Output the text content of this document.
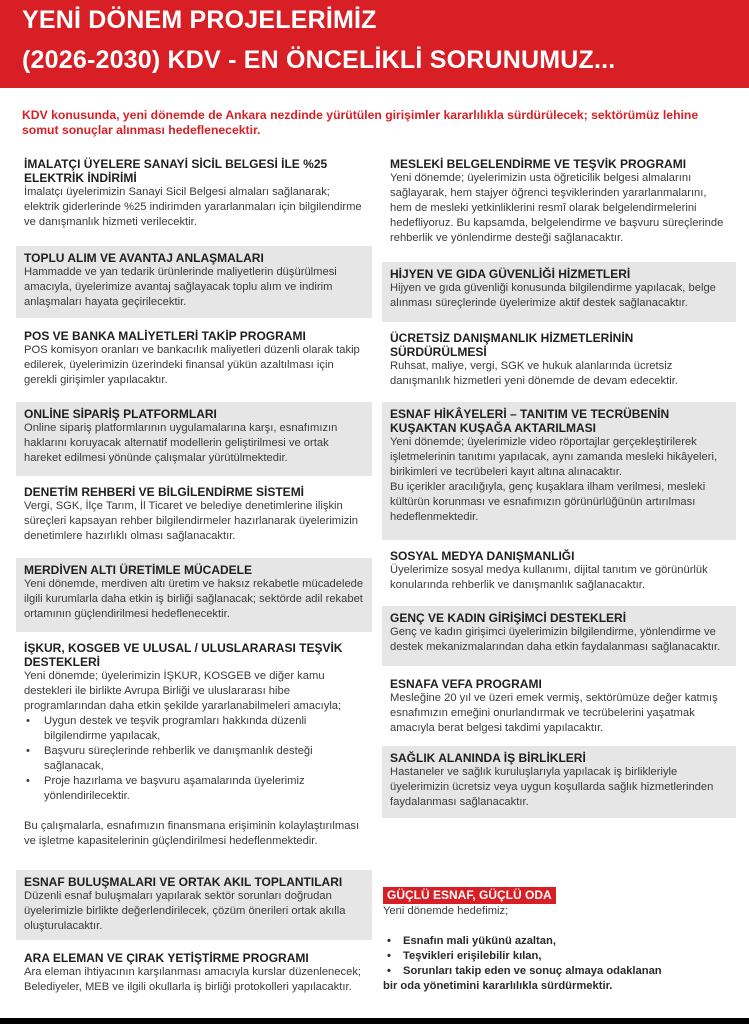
YENİ DÖNEM PROJELERİMİZ
(2026-2030) KDV - EN ÖNCELİKLİ SORUNUMUZ...
KDV konusunda, yeni dönemde de Ankara nezdinde yürütülen girişimler kararlılıkla sürdürülecek; sektörümüz lehine somut sonuçlar alınması hedeflenecektir.
İMALATÇI ÜYELERE SANAYİ SİCİL BELGESİ İLE %25 ELEKTRİK İNDİRİMİ

İmalatçı üyelerimizin Sanayi Sicil Belgesi almaları sağlanarak; elektrik giderlerinde %25 indirimden yararlanmaları için bilgilendirme ve danışmanlık hizmeti verilecektir.

TOPLU ALIM VE AVANTAJ ANLAŞMALARI

Hammadde ve yan tedarik ürünlerinde maliyetlerin düşürülmesi amacıyla, üyelerimize avantaj sağlayacak toplu alım ve indirim anlaşmaları hayata geçirilecektir.

POS VE BANKA MALİYETLERİ TAKİP PROGRAMI

POS komisyon oranları ve bankacılık maliyetleri düzenli olarak takip edilerek, üyelerimizin üzerindeki finansal yükün azaltılması için gerekli girişimler yapılacaktır.

ONLİNE SİPARİŞ PLATFORMLARI

Online sipariş platformlarının uygulamalarına karşı, esnafımızın haklarını koruyacak alternatif modellerin geliştirilmesi ve ortak hareket edilmesi yönünde çalışmalar yürütülmektedir.

DENETİM REHBERİ VE BİLGİLENDİRME SİSTEMİ

Vergi, SGK, İlçe Tarım, İl Ticaret ve belediye denetimlerine ilişkin süreçleri kapsayan rehber bilgilendirmeler hazırlanarak üyelerimizin denetimlere hazırlıklı olması sağlanacaktır.

MERDİVEN ALTI ÜRETİMLE MÜCADELE

Yeni dönemde, merdiven altı üretim ve haksız rekabetle mücadelede ilgili kurumlarla daha etkin iş birliği sağlanacak; sektörde adil rekabet ortamının güçlendirilmesi hedeflenecektir.

İŞKUR, KOSGEB VE ULUSAL / ULUSLARARASI TEŞVİK DESTEKLERİ

Yeni dönemde; üyelerimizin İŞKUR, KOSGEB ve diğer kamu destekleri ile birlikte Avrupa Birliği ve uluslararası hibe programlarından daha etkin şekilde yararlanabilmeleri amacıyla;

• Uygun destek ve teşvik programları hakkında düzenli bilgilendirme yapılacak,
• Başvuru süreçlerinde rehberlik ve danışmanlık desteği sağlanacak,
• Proje hazırlama ve başvuru aşamalarında üyelerimiz yönlendirilecektir.

Bu çalışmalarla, esnafımızın finansmana erişiminin kolaylaştırılması ve işletme kapasitelerinin güçlendirilmesi hedeflenmektedir.

ESNAF BULUŞMALARI VE ORTAK AKIL TOPLANTILARI

Düzenli esnaf buluşmaları yapılarak sektör sorunları doğrudan üyelerimizle birlikte değerlendirilecek, çözüm önerileri ortak akılla oluşturulacaktır.

ARA ELEMAN VE ÇIRAK YETİŞTİRME PROGRAMI

Ara eleman ihtiyacının karşılanması amacıyla kurslar düzenlenecek; Belediyeler, MEB ve ilgili okullarla iş birliği protokolleri yapılacaktır.

MESLEKİ BELGELENDİRME VE TEŞVİK PROGRAMI

Yeni dönemde; üyelerimizin usta öğreticilik belgesi almalarını sağlayarak, hem stajyer öğrenci teşviklerinden yararlanmalarını, hem de mesleki yetkinliklerini resmî olarak belgelendirmelerini hedefliyoruz. Bu kapsamda, belgelendirme ve başvuru süreçlerinde rehberlik ve yönlendirme desteği sağlanacaktır.

HİJYEN VE GIDA GÜVENLİĞİ HİZMETLERİ

Hijyen ve gıda güvenliği konusunda bilgilendirme yapılacak, belge alınması süreçlerinde üyelerimize aktif destek sağlanacaktır.

ÜCRETSİZ DANIŞMANLIK HİZMETLERİNİN SÜRDÜRÜLMESİ

Ruhsat, maliye, vergi, SGK ve hukuk alanlarında ücretsiz danışmanlık hizmetleri yeni dönemde de devam edecektir.

ESNAF HİKÂYELERİ – TANITIM VE TECRÜBENİN KUŞAKTAN KUŞAĞA AKTARILMASI

Yeni dönemde; üyelerimizle video röportajlar gerçekleştirilerek işletmelerinin tanıtımı yapılacak, aynı zamanda mesleki hikâyeleri, birikimleri ve tecrübeleri kayıt altına alınacaktır.

Bu içerikler aracılığıyla, genç kuşaklara ilham verilmesi, mesleki kültürün korunması ve esnafımızın görünürlüğünün artırılması hedeflenmektedir.

SOSYAL MEDYA DANIŞMANLIĞI

Üyelerimize sosyal medya kullanımı, dijital tanıtım ve görünürlük konularında rehberlik ve danışmanlık sağlanacaktır.

GENÇ VE KADIN GİRİŞİMCİ DESTEKLERİ

Genç ve kadın girişimci üyelerimizin bilgilendirme, yönlendirme ve destek mekanizmalarından daha etkin faydalanması sağlanacaktır.

ESNAFA VEFA PROGRAMI

Mesleğine 20 yıl ve üzeri emek vermiş, sektörümüze değer katmış esnafımızın emeğini onurlandırmak ve tecrübelerini yaşatmak amacıyla berat belgesi takdimi yapılacaktır.

SAĞLIK ALANINDA İŞ BİRLİKLERİ

Hastaneler ve sağlık kuruluşlarıyla yapılacak iş birlikleriyle üyelerimizin ücretsiz veya uygun koşullarda sağlık hizmetlerinden faydalanması sağlanacaktır.

GÜÇLÜ ESNAF, GÜÇLÜ ODA

Yeni dönemde hedefimiz;

• Esnafın mali yükünü azaltan,
• Teşvikleri erişilebilir kılan,
• Sorunları takip eden ve sonuç almaya odaklanan
bir oda yönetimini kararlılıkla sürdürmektir.
